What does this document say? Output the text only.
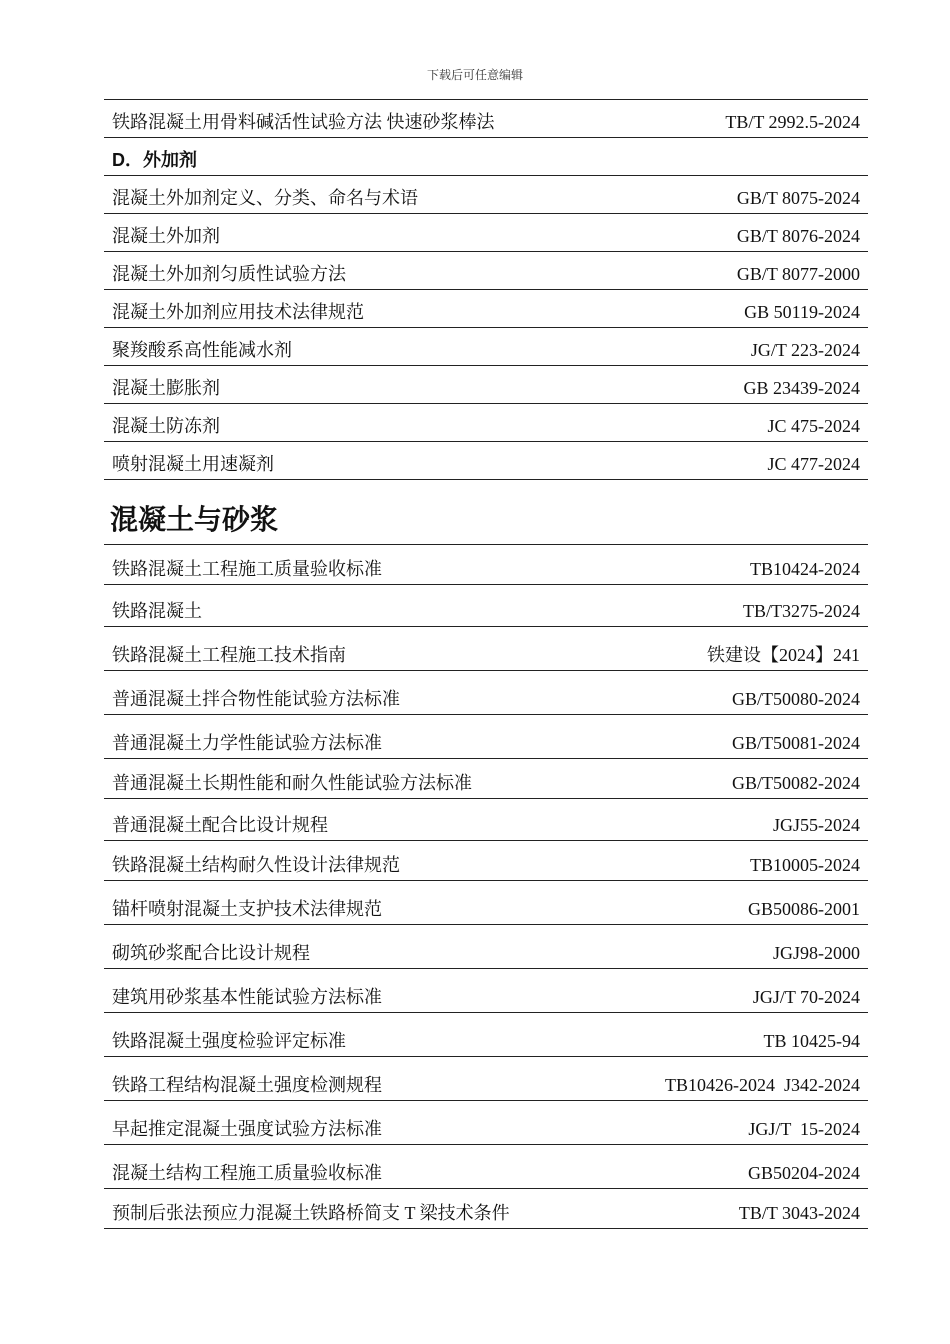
下载后可任意编辑
铁路混凝土用骨料碱活性试验方法 快速砂浆棒法	TB/T 2992.5-2024
D．外加剂
混凝土外加剂定义、分类、命名与术语	GB/T 8075-2024
混凝土外加剂	GB/T 8076-2024
混凝土外加剂匀质性试验方法	GB/T 8077-2000
混凝土外加剂应用技术法律规范	GB 50119-2024
聚羧酸系高性能减水剂	JG/T 223-2024
混凝土膨胀剂	GB 23439-2024
混凝土防冻剂	JC 475-2024
喷射混凝土用速凝剂	JC 477-2024
混凝土与砂浆
铁路混凝土工程施工质量验收标准	TB10424-2024
铁路混凝土	TB/T3275-2024
铁路混凝土工程施工技术指南	铁建设【2024】241
普通混凝土拌合物性能试验方法标准	GB/T50080-2024
普通混凝土力学性能试验方法标准	GB/T50081-2024
普通混凝土长期性能和耐久性能试验方法标准	GB/T50082-2024
普通混凝土配合比设计规程	JGJ55-2024
铁路混凝土结构耐久性设计法律规范	TB10005-2024
锚杆喷射混凝土支护技术法律规范	GB50086-2001
砌筑砂浆配合比设计规程	JGJ98-2000
建筑用砂浆基本性能试验方法标准	JGJ/T 70-2024
铁路混凝土强度检验评定标准	TB 10425-94
铁路工程结构混凝土强度检测规程	TB10426-2024  J342-2024
早起推定混凝土强度试验方法标准	JGJ/T  15-2024
混凝土结构工程施工质量验收标准	GB50204-2024
预制后张法预应力混凝土铁路桥简支 T 梁技术条件	TB/T 3043-2024
